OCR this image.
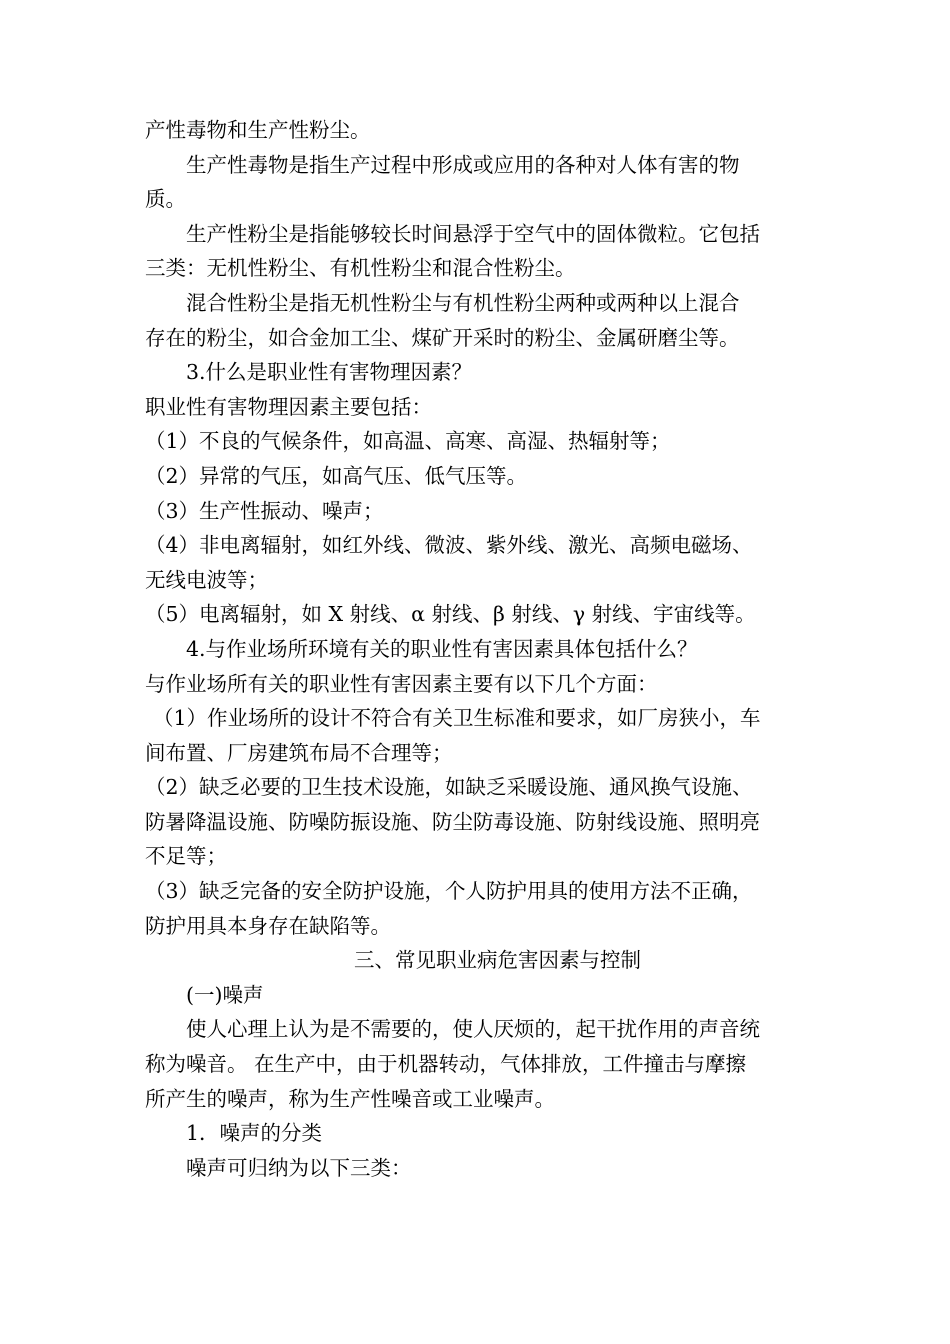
产性毒物和生产性粉尘。
生产性毒物是指生产过程中形成或应用的各种对人体有害的物
质。
生产性粉尘是指能够较长时间悬浮于空气中的固体微粒。它包括
三类：无机性粉尘、有机性粉尘和混合性粉尘。
混合性粉尘是指无机性粉尘与有机性粉尘两种或两种以上混合
存在的粉尘，如合金加工尘、煤矿开采时的粉尘、金属研磨尘等。
3.什么是职业性有害物理因素？
职业性有害物理因素主要包括：
（1）不良的气候条件，如高温、高寒、高湿、热辐射等；
（2）异常的气压，如高气压、低气压等。
（3）生产性振动、噪声；
（4）非电离辐射，如红外线、微波、紫外线、激光、高频电磁场、
无线电波等；
（5）电离辐射，如 X 射线、α 射线、β 射线、γ 射线、宇宙线等。
4.与作业场所环境有关的职业性有害因素具体包括什么？
与作业场所有关的职业性有害因素主要有以下几个方面：
（1）作业场所的设计不符合有关卫生标准和要求，如厂房狭小，车
间布置、厂房建筑布局不合理等；
（2）缺乏必要的卫生技术设施，如缺乏采暖设施、通风换气设施、
防暑降温设施、防噪防振设施、防尘防毒设施、防射线设施、照明亮
不足等；
（3）缺乏完备的安全防护设施，个人防护用具的使用方法不正确，
防护用具本身存在缺陷等。
三、常见职业病危害因素与控制
(一)噪声
使人心理上认为是不需要的，使人厌烦的，起干扰作用的声音统
称为噪音。 在生产中，由于机器转动，气体排放，工件撞击与摩擦
所产生的噪声，称为生产性噪音或工业噪声。
1．噪声的分类
噪声可归纳为以下三类：
